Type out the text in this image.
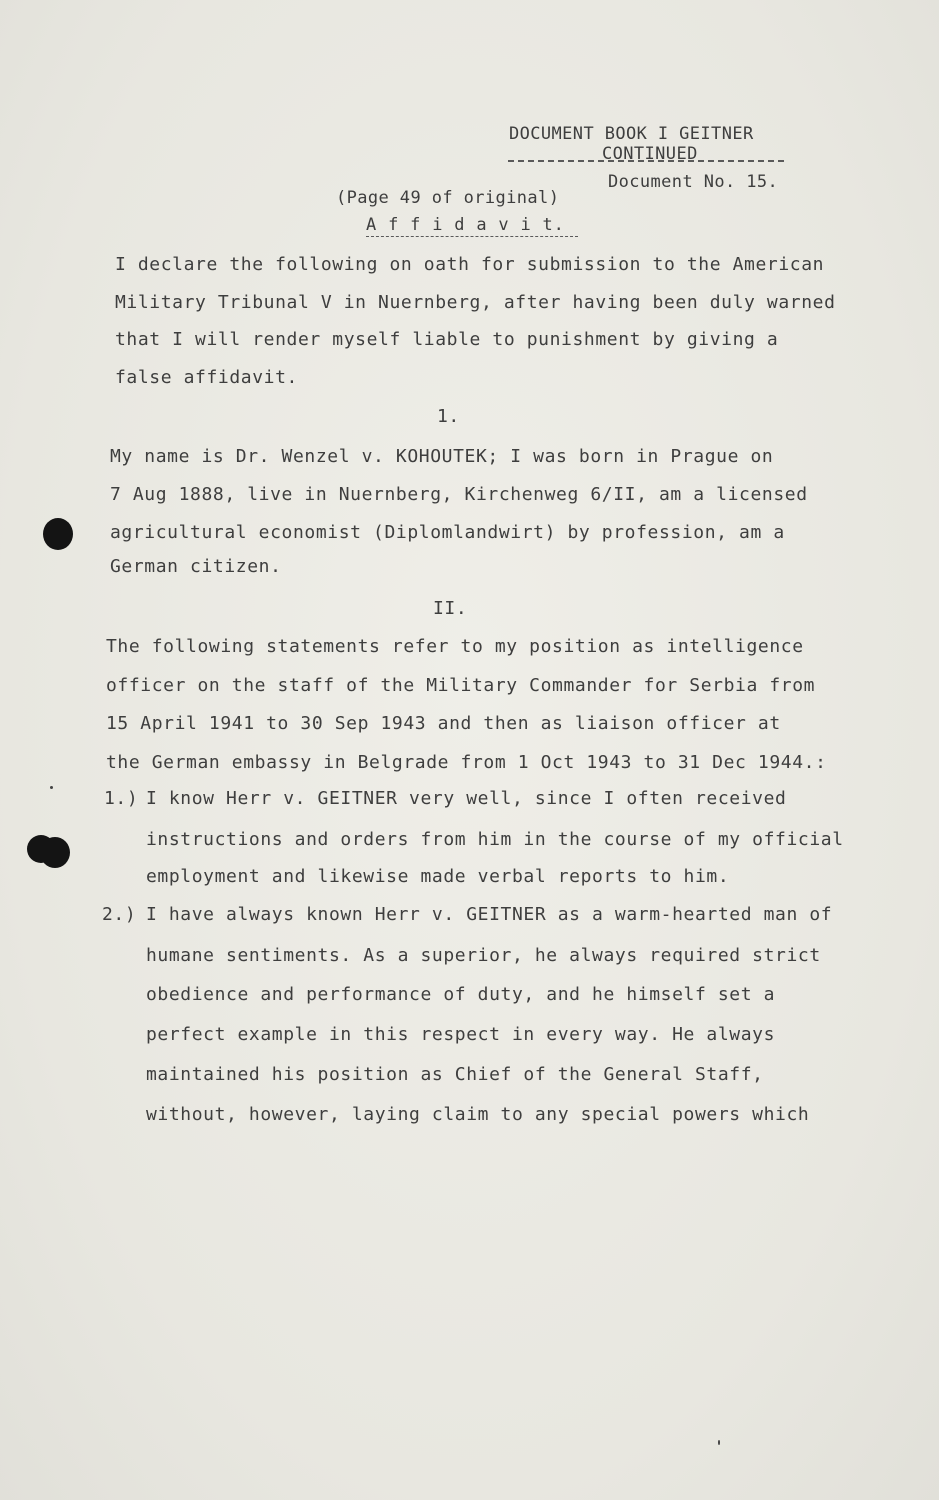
DOCUMENT BOOK I GEITNER
CONTINUED
Document No. 15.
(Page 49 of original)
A f f i d a v i t.
I declare the following on oath for submission to the American
Military Tribunal V in Nuernberg, after having been duly warned
that I will render myself liable to punishment by giving a
false affidavit.
1.
My name is Dr. Wenzel v. KOHOUTEK; I was born in Prague on
7 Aug 1888, live in Nuernberg, Kirchenweg 6/II, am a licensed
agricultural economist (Diplomlandwirt) by profession, am a
German citizen.
II.
The following statements refer to my position as intelligence
officer on the staff of the Military Commander for Serbia from
15 April 1941 to 30 Sep 1943 and then as liaison officer at
the German embassy in Belgrade from 1 Oct 1943 to 31 Dec 1944.:
1.) I know Herr v. GEITNER very well, since I often received
instructions and orders from him in the course of my official
employment and likewise made verbal reports to him.
2.) I have always known Herr v. GEITNER as a warm-hearted man of
humane sentiments. As a superior, he always required strict
obedience and performance of duty, and he himself set a
perfect example in this respect in every way. He always
maintained his position as Chief of the General Staff,
without, however, laying claim to any special powers which
